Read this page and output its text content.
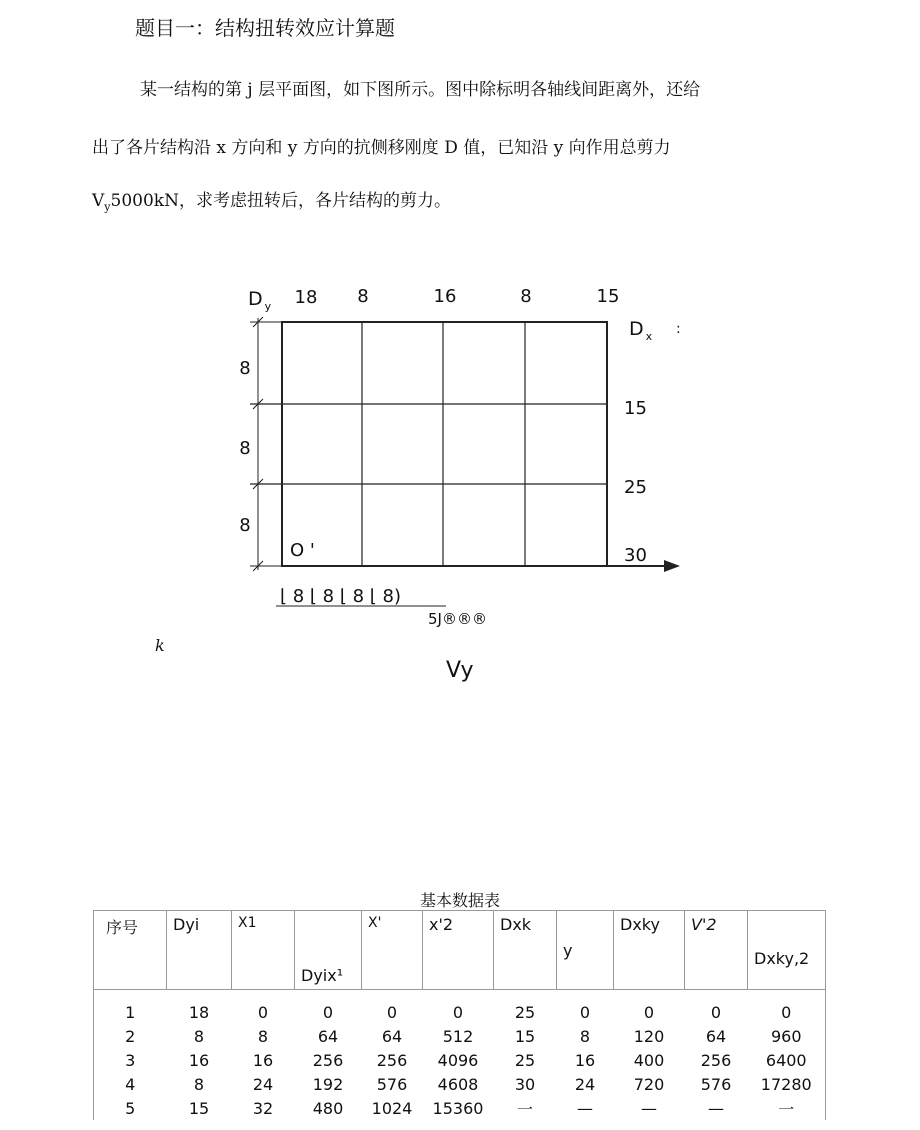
题目一：结构扭转效应计算题
某一结构的第 j 层平面图，如下图所示。图中除标明各轴线间距离外，还给
出了各片结构沿 x 方向和 y 方向的抗侧移刚度 D 值，已知沿 y 向作用总剪力
$V_y5000kN$，求考虑扭转后，各片结构的剪力。
D $_y$
D $_x$ :
18 8	16	8	15
8
8
8
15
25
30
O '
⌊ 8 ⌊ 8 ⌊ 8 ⌊ 8)
5J®®®
k
Vy
基本数据表
序号	Dyi	X1	Dyix¹	X'	x'2	Dxk	y	Dxky	V'2	Dxky,2
1	18	0	0	0	0	25	0	0	0	0
2	8	8	64	64	512	15	8	120	64	960
3	16	16	256	256	4096	25	16	400	256	6400
4	8	24	192	576	4608	30	24	720	576	17280
5	15	32	480	1024	15360	一	—	—	—	一
